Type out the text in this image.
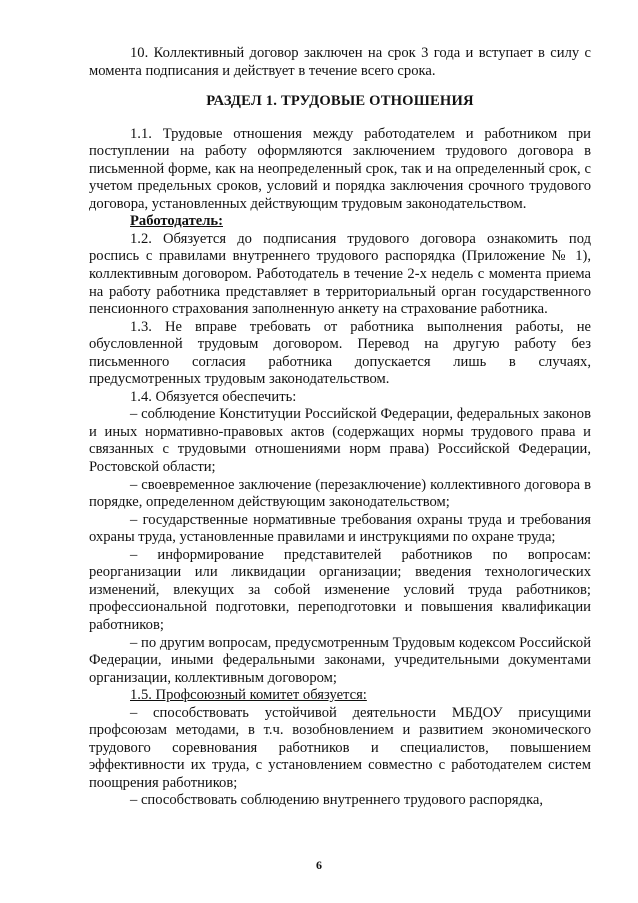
10. Коллективный договор заключен на срок 3 года и вступает в силу с момента подписания и действует в течение всего срока.

РАЗДЕЛ 1. ТРУДОВЫЕ ОТНОШЕНИЯ

1.1. Трудовые отношения между работодателем и работником при поступлении на работу оформляются заключением трудового договора в письменной форме, как на неопределенный срок, так и на определенный срок, с учетом предельных сроков, условий и порядка заключения срочного трудового договора, установленных действующим трудовым законодательством.

Работодатель:

1.2. Обязуется до подписания трудового договора ознакомить под роспись с правилами внутреннего трудового распорядка (Приложение № 1), коллективным договором. Работодатель в течение 2-х недель с момента приема на работу работника представляет в территориальный орган государственного пенсионного страхования заполненную анкету на страхование работника.

1.3. Не вправе требовать от работника выполнения работы, не обусловленной трудовым договором. Перевод на другую работу без письменного согласия работника допускается лишь в случаях, предусмотренных трудовым законодательством.

1.4. Обязуется обеспечить:

– соблюдение Конституции Российской Федерации, федеральных законов и иных нормативно-правовых актов (содержащих нормы трудового права и связанных с трудовыми отношениями норм права) Российской Федерации, Ростовской области;

– своевременное заключение (перезаключение) коллективного договора в порядке, определенном действующим законодательством;

– государственные нормативные требования охраны труда и требования охраны труда, установленные правилами и инструкциями по охране труда;

– информирование представителей работников по вопросам: реорганизации или ликвидации организации; введения технологических изменений, влекущих за собой изменение условий труда работников; профессиональной подготовки, переподготовки и повышения квалификации работников;

– по другим вопросам, предусмотренным Трудовым кодексом Российской Федерации, иными федеральными законами, учредительными документами организации, коллективным договором;

1.5. Профсоюзный комитет обязуется:

– способствовать устойчивой деятельности МБДОУ присущими профсоюзам методами, в т.ч. возобновлением и развитием экономического трудового соревнования работников и специалистов, повышением эффективности их труда, с установлением совместно с работодателем систем поощрения работников;

– способствовать соблюдению внутреннего трудового распорядка,

6
